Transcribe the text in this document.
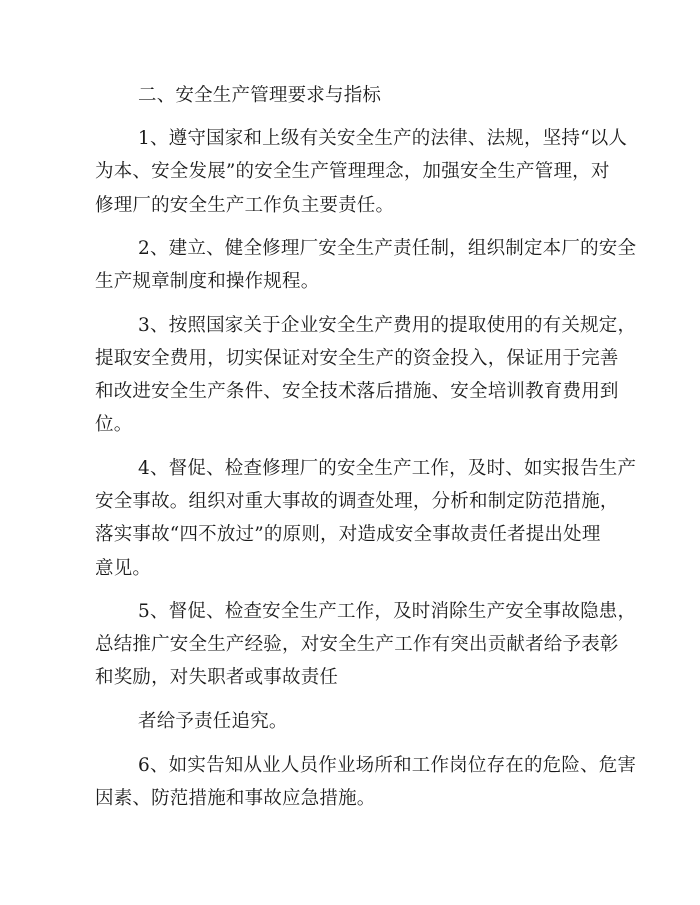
二、安全生产管理要求与指标
1、遵守国家和上级有关安全生产的法律、法规，坚持“以人
为本、安全发展”的安全生产管理理念，加强安全生产管理，对
修理厂的安全生产工作负主要责任。
2、建立、健全修理厂安全生产责任制，组织制定本厂的安全
生产规章制度和操作规程。
3、按照国家关于企业安全生产费用的提取使用的有关规定，
提取安全费用，切实保证对安全生产的资金投入，保证用于完善
和改进安全生产条件、安全技术落后措施、安全培训教育费用到
位。
4、督促、检查修理厂的安全生产工作，及时、如实报告生产
安全事故。组织对重大事故的调查处理，分析和制定防范措施，
落实事故“四不放过”的原则，对造成安全事故责任者提出处理
意见。
5、督促、检查安全生产工作，及时消除生产安全事故隐患，
总结推广安全生产经验，对安全生产工作有突出贡献者给予表彰
和奖励，对失职者或事故责任
者给予责任追究。
6、如实告知从业人员作业场所和工作岗位存在的危险、危害
因素、防范措施和事故应急措施。
